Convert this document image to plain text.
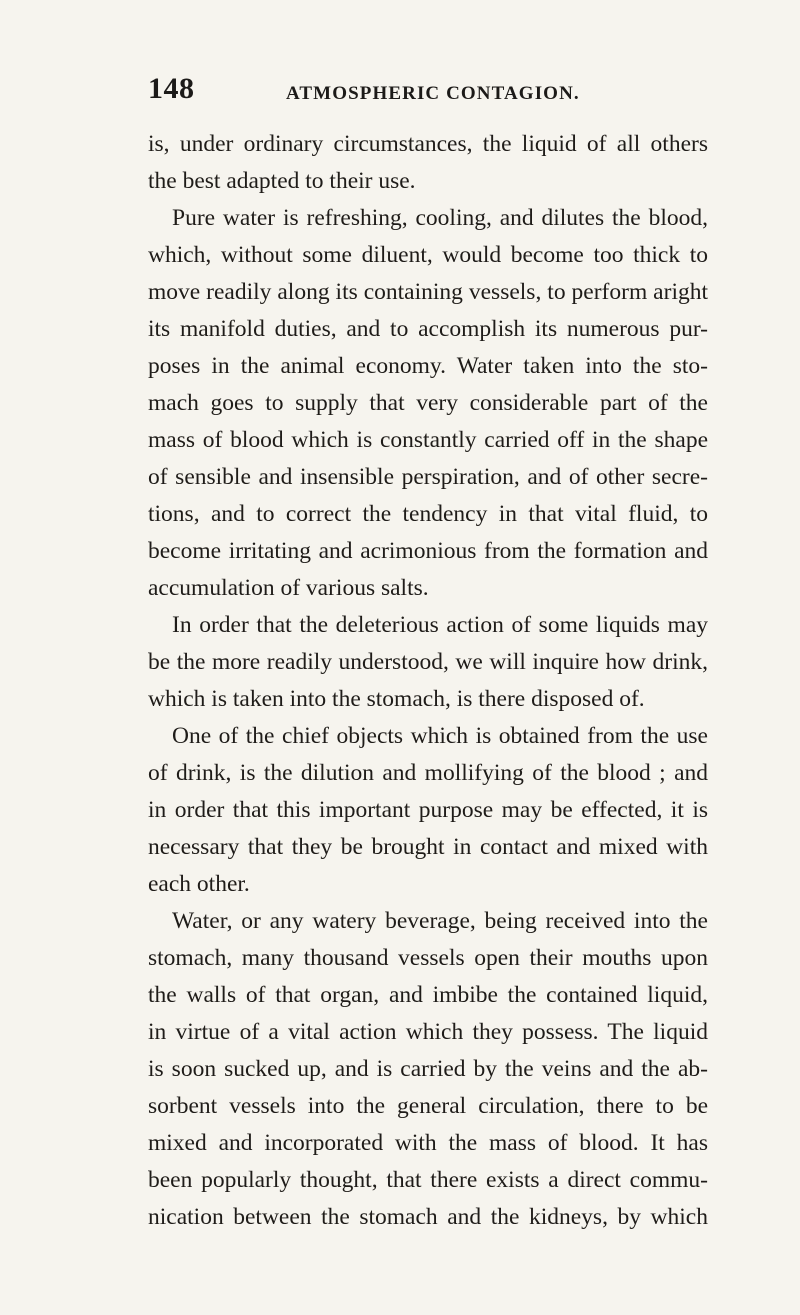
148	ATMOSPHERIC CONTAGION.
is, under ordinary circumstances, the liquid of all others
the best adapted to their use.
Pure water is refreshing, cooling, and dilutes the blood,
which, without some diluent, would become too thick to
move readily along its containing vessels, to perform aright
its manifold duties, and to accomplish its numerous pur-
poses in the animal economy. Water taken into the sto-
mach goes to supply that very considerable part of the
mass of blood which is constantly carried off in the shape
of sensible and insensible perspiration, and of other secre-
tions, and to correct the tendency in that vital fluid, to
become irritating and acrimonious from the formation and
accumulation of various salts.
In order that the deleterious action of some liquids may
be the more readily understood, we will inquire how drink,
which is taken into the stomach, is there disposed of.
One of the chief objects which is obtained from the use
of drink, is the dilution and mollifying of the blood ; and
in order that this important purpose may be effected, it is
necessary that they be brought in contact and mixed with
each other.
Water, or any watery beverage, being received into the
stomach, many thousand vessels open their mouths upon
the walls of that organ, and imbibe the contained liquid,
in virtue of a vital action which they possess. The liquid
is soon sucked up, and is carried by the veins and the ab-
sorbent vessels into the general circulation, there to be
mixed and incorporated with the mass of blood. It has
been popularly thought, that there exists a direct commu-
nication between the stomach and the kidneys, by which
